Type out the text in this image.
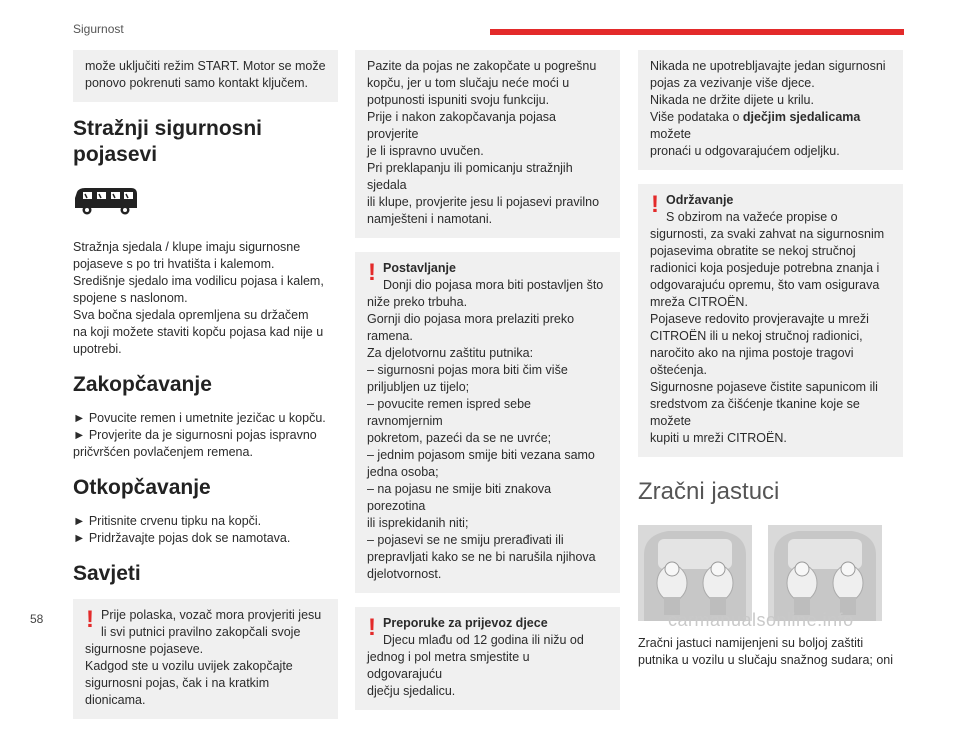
Sigurnost

može uključiti režim START. Motor se može

ponovo pokrenuti samo kontakt ključem.

Stražnji sigurnosni pojasevi

Stražnja sjedala / klupe imaju sigurnosne

pojaseve s po tri hvatišta i kalemom.

Središnje sjedalo ima vodilicu pojasa i kalem,

spojene s naslonom.

Sva bočna sjedala opremljena su držačem

na koji možete staviti kopču pojasa kad nije u

upotrebi.

Zakopčavanje

► Povucite remen i umetnite jezičac u kopču.

► Provjerite da je sigurnosni pojas ispravno

pričvršćen povlačenjem remena.

Otkopčavanje

► Pritisnite crvenu tipku na kopči.

► Pridržavajte pojas dok se namotava.

Savjeti
! Prije polaska, vozač mora provjeriti jesu

li svi putnici pravilno zakopčali svoje

sigurnosne pojaseve.

Kadgod ste u vozilu uvijek zakopčajte

sigurnosni pojas, čak i na kratkim dionicama.

Pazite da pojas ne zakopčate u pogrešnu

kopču, jer u tom slučaju neće moći u

potpunosti ispuniti svoju funkciju.

Prije i nakon zakopčavanja pojasa provjerite

je li ispravno uvučen.

Pri preklapanju ili pomicanju stražnjih sjedala

ili klupe, provjerite jesu li pojasevi pravilno

namješteni i namotani.

! Postavljanje

Donji dio pojasa mora biti postavljen što

niže preko trbuha.

Gornji dio pojasa mora prelaziti preko

ramena.

Za djelotvornu zaštitu putnika:

– sigurnosni pojas mora biti čim više

priljubljen uz tijelo;

– povucite remen ispred sebe ravnomjernim

pokretom, pazeći da se ne uvrće;

– jednim pojasom smije biti vezana samo

jedna osoba;

– na pojasu ne smije biti znakova porezotina

ili isprekidanih niti;

– pojasevi se ne smiju prerađivati ili

prepravljati kako se ne bi narušila njihova

djelotvornost.

! Preporuke za prijevoz djece

Djecu mlađu od 12 godina ili nižu od

jednog i pol metra smjestite u odgovarajuću

dječju sjedalicu.

Nikada ne upotrebljavajte jedan sigurnosni

pojas za vezivanje više djece.

Nikada ne držite dijete u krilu.

Više podataka o dječjim sjedalicama možete

pronaći u odgovarajućem odjeljku.

! Održavanje

S obzirom na važeće propise o

sigurnosti, za svaki zahvat na sigurnosnim

pojasevima obratite se nekoj stručnoj

radionici koja posjeduje potrebna znanja i

odgovarajuću opremu, što vam osigurava

mreža CITROËN.

Pojaseve redovito provjeravajte u mreži

CITROËN ili u nekoj stručnoj radionici,

naročito ako na njima postoje tragovi

oštećenja.

Sigurnosne pojaseve čistite sapunicom ili

sredstvom za čišćenje tkanine koje se možete

kupiti u mreži CITROËN.

Zračni jastuci

Zračni jastuci namijenjeni su boljoj zaštiti

putnika u vozilu u slučaju snažnog sudara; oni

58	carmanualsonline.info
